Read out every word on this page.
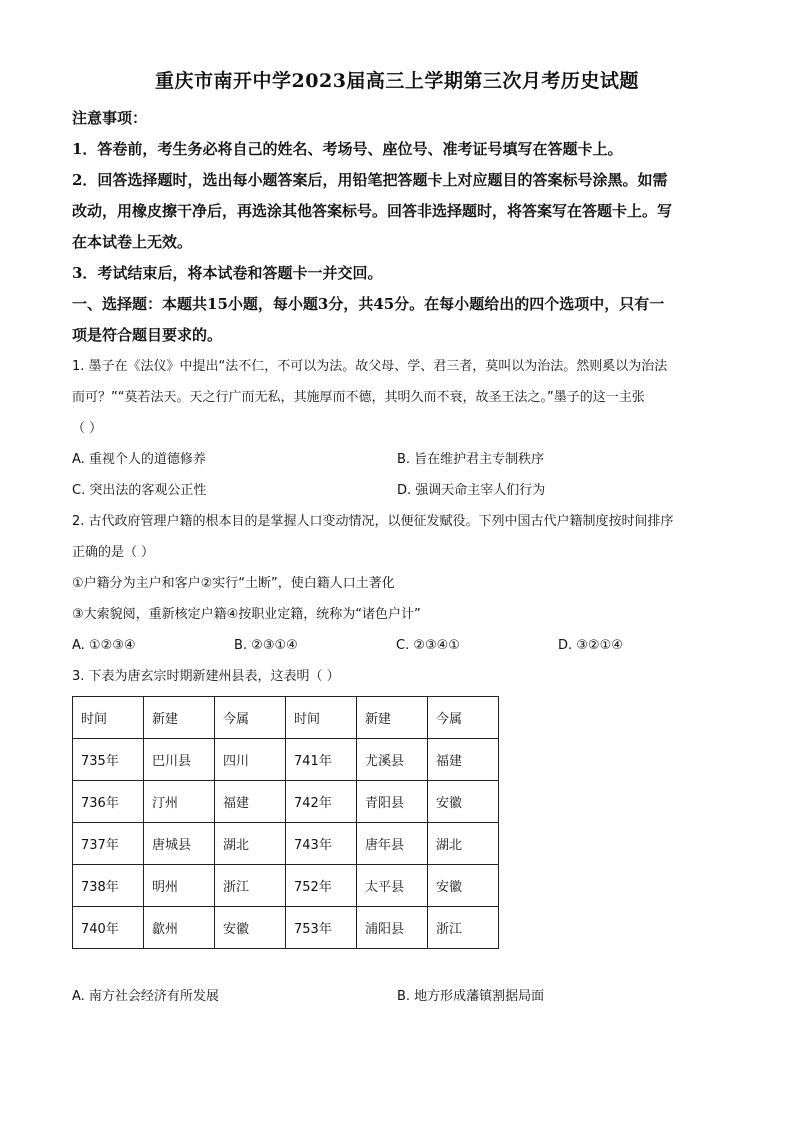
重庆市南开中学2023届高三上学期第三次月考历史试题

注意事项：

1．答卷前，考生务必将自己的姓名、考场号、座位号、准考证号填写在答题卡上。

2．回答选择题时，选出每小题答案后，用铅笔把答题卡上对应题目的答案标号涂黑。如需

改动，用橡皮擦干净后，再选涂其他答案标号。回答非选择题时，将答案写在答题卡上。写

在本试卷上无效。

3．考试结束后，将本试卷和答题卡一并交回。

一、选择题：本题共15小题，每小题3分，共45分。在每小题给出的四个选项中，只有一

项是符合题目要求的。

1. 墨子在《法仪》中提出“法不仁，不可以为法。故父母、学、君三者，莫叫以为治法。然则奚以为治法

而可？”“莫若法天。天之行广而无私，其施厚而不德，其明久而不衰，故圣王法之。”墨子的这一主张

（ ）

A. 重视个人的道德修养	B. 旨在维护君主专制秩序
C. 突出法的客观公正性	D. 强调天命主宰人们行为

2. 古代政府管理户籍的根本目的是掌握人口变动情况，以便征发赋役。下列中国古代户籍制度按时间排序

正确的是（ ）

①户籍分为主户和客户②实行“土断”，使白籍人口土著化

③大索貌阅，重新核定户籍④按职业定籍，统称为“诸色户计”

A. ①②③④	B. ②③①④	C. ②③④①	D. ③②①④

3. 下表为唐玄宗时期新建州县表，这表明（ ）

时间	新建	今属	时间	新建	今属
735年	巴川县	四川	741年	尤溪县	福建
736年	汀州	福建	742年	青阳县	安徽
737年	唐城县	湖北	743年	唐年县	湖北
738年	明州	浙江	752年	太平县	安徽
740年	歙州	安徽	753年	浦阳县	浙江
A. 南方社会经济有所发展	B. 地方形成藩镇割据局面
